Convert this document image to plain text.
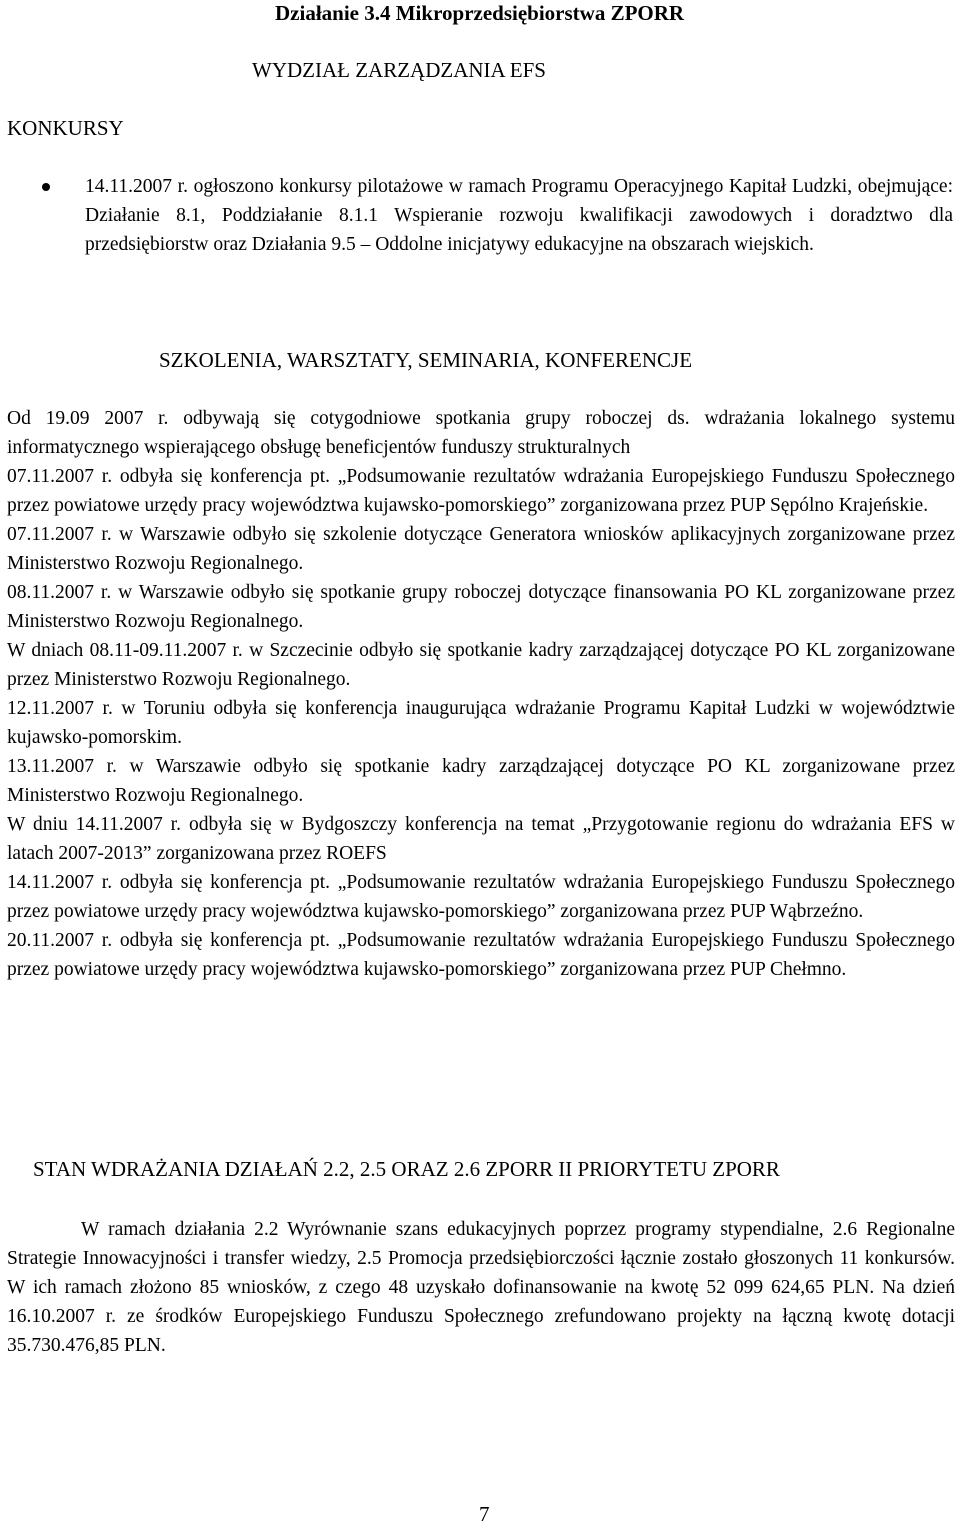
Działanie 3.4 Mikroprzedsiębiorstwa ZPORR
WYDZIAŁ ZARZĄDZANIA EFS
KONKURSY
14.11.2007 r. ogłoszono konkursy pilotażowe w ramach Programu Operacyjnego Kapitał Ludzki, obejmujące: Działanie 8.1, Poddziałanie 8.1.1 Wspieranie rozwoju kwalifikacji zawodowych i doradztwo dla przedsiębiorstw oraz Działania 9.5 – Oddolne inicjatywy edukacyjne na obszarach wiejskich.
SZKOLENIA, WARSZTATY, SEMINARIA, KONFERENCJE

Od 19.09 2007 r. odbywają się cotygodniowe spotkania grupy roboczej ds. wdrażania lokalnego systemu informatycznego wspierającego obsługę beneficjentów funduszy strukturalnych

07.11.2007 r. odbyła się konferencja pt. „Podsumowanie rezultatów wdrażania Europejskiego Funduszu Społecznego przez powiatowe urzędy pracy województwa kujawsko-pomorskiego” zorganizowana przez PUP Sępólno Krajeńskie.

07.11.2007 r. w Warszawie odbyło się szkolenie dotyczące Generatora wniosków aplikacyjnych zorganizowane przez Ministerstwo Rozwoju Regionalnego.

08.11.2007 r. w Warszawie odbyło się spotkanie grupy roboczej dotyczące finansowania PO KL zorganizowane przez Ministerstwo Rozwoju Regionalnego.

W dniach 08.11-09.11.2007 r. w Szczecinie odbyło się spotkanie kadry zarządzającej dotyczące PO KL zorganizowane przez Ministerstwo Rozwoju Regionalnego.

12.11.2007 r. w Toruniu odbyła się konferencja inaugurująca wdrażanie Programu Kapitał Ludzki w województwie kujawsko-pomorskim.

13.11.2007 r. w Warszawie odbyło się spotkanie kadry zarządzającej dotyczące PO KL zorganizowane przez Ministerstwo Rozwoju Regionalnego.

W dniu 14.11.2007 r. odbyła się w Bydgoszczy konferencja na temat „Przygotowanie regionu do wdrażania EFS w latach 2007-2013” zorganizowana przez ROEFS

14.11.2007 r. odbyła się konferencja pt. „Podsumowanie rezultatów wdrażania Europejskiego Funduszu Społecznego przez powiatowe urzędy pracy województwa kujawsko-pomorskiego” zorganizowana przez PUP Wąbrzeźno.

20.11.2007 r. odbyła się konferencja pt. „Podsumowanie rezultatów wdrażania Europejskiego Funduszu Społecznego przez powiatowe urzędy pracy województwa kujawsko-pomorskiego” zorganizowana przez PUP Chełmno.

STAN WDRAŻANIA DZIAŁAŃ 2.2, 2.5 ORAZ 2.6 ZPORR II PRIORYTETU ZPORR
W ramach działania 2.2 Wyrównanie szans edukacyjnych poprzez programy stypendialne, 2.6 Regionalne Strategie Innowacyjności i transfer wiedzy, 2.5 Promocja przedsiębiorczości łącznie zostało głoszonych 11 konkursów. W ich ramach złożono 85 wniosków, z czego 48 uzyskało dofinansowanie na kwotę 52 099 624,65 PLN. Na dzień 16.10.2007 r. ze środków Europejskiego Funduszu Społecznego zrefundowano projekty na łączną kwotę dotacji 35.730.476,85 PLN.
7
